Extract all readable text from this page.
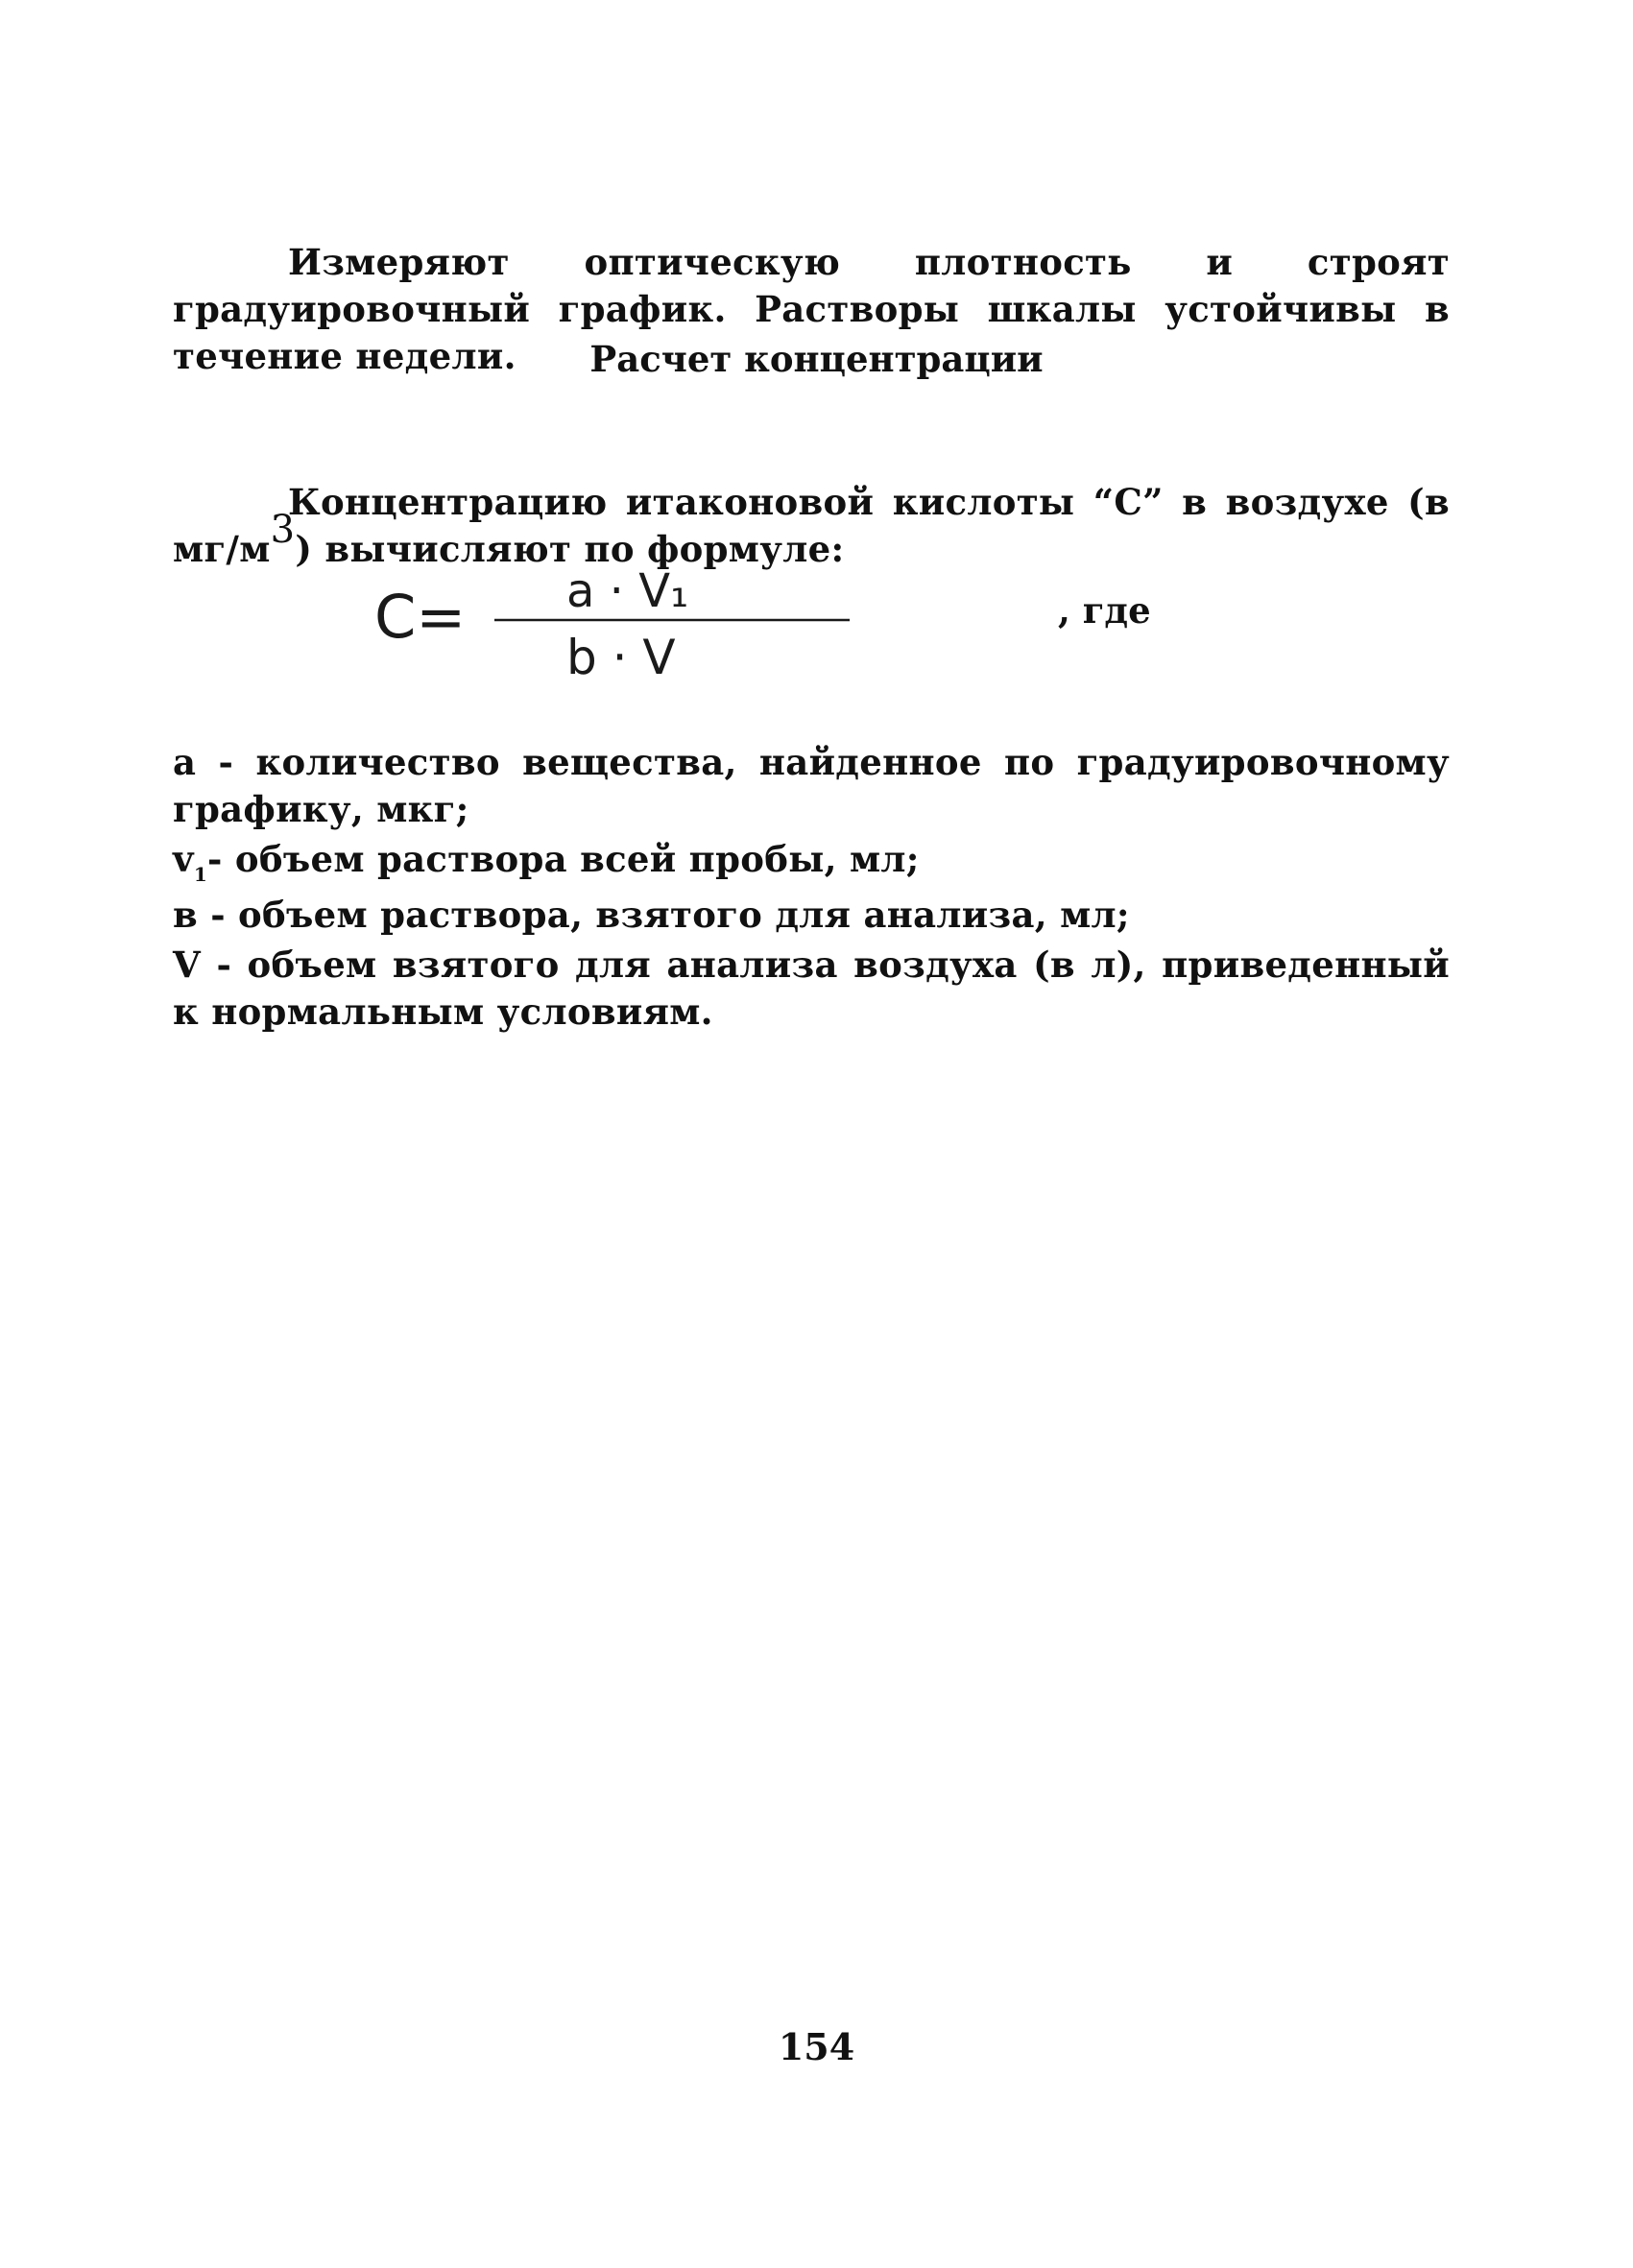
Измеряют оптическую плотность и строят градуировочный график. Растворы шкалы устойчивы в течение недели.	Расчет концентрации

Концентрацию итаконовой кислоты “С” в воздухе (в мг/м3) вычисляют по формуле:

C= a · V₁
b · V
, где

а - количество вещества, найденное по градуировочному графику, мкг;

$v_1-$ объем раствора всей пробы, мл;

в - объем раствора, взятого для анализа, мл;

V - объем взятого для анализа воздуха (в л), приведенный к нормальным условиям.

154
